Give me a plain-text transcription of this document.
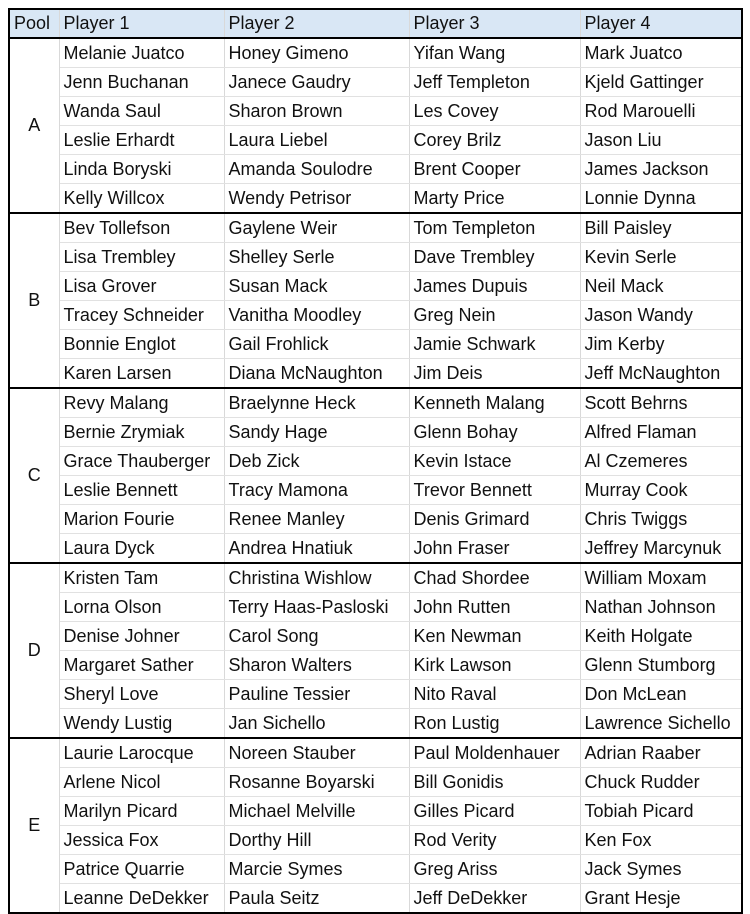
Pool	Player 1	Player 2	Player 3	Player 4
A	Melanie Juatco	Honey Gimeno	Yifan Wang	Mark Juatco
	Jenn Buchanan	Janece Gaudry	Jeff Templeton	Kjeld Gattinger
	Wanda Saul	Sharon Brown	Les Covey	Rod Marouelli
	Leslie Erhardt	Laura Liebel	Corey Brilz	Jason Liu
	Linda Boryski	Amanda Soulodre	Brent Cooper	James Jackson
	Kelly Willcox	Wendy Petrisor	Marty Price	Lonnie Dynna
B	Bev Tollefson	Gaylene Weir	Tom Templeton	Bill Paisley
	Lisa Trembley	Shelley Serle	Dave Trembley	Kevin Serle
	Lisa Grover	Susan Mack	James Dupuis	Neil Mack
	Tracey Schneider	Vanitha Moodley	Greg Nein	Jason Wandy
	Bonnie Englot	Gail Frohlick	Jamie Schwark	Jim Kerby
	Karen Larsen	Diana McNaughton	Jim Deis	Jeff McNaughton
C	Revy Malang	Braelynne Heck	Kenneth Malang	Scott Behrns
	Bernie Zrymiak	Sandy Hage	Glenn Bohay	Alfred Flaman
	Grace Thauberger	Deb Zick	Kevin Istace	Al Czemeres
	Leslie Bennett	Tracy Mamona	Trevor Bennett	Murray Cook
	Marion Fourie	Renee Manley	Denis Grimard	Chris Twiggs
	Laura Dyck	Andrea Hnatiuk	John Fraser	Jeffrey Marcynuk
D	Kristen Tam	Christina Wishlow	Chad Shordee	William Moxam
	Lorna Olson	Terry Haas-Pasloski	John Rutten	Nathan Johnson
	Denise Johner	Carol Song	Ken Newman	Keith Holgate
	Margaret Sather	Sharon Walters	Kirk Lawson	Glenn Stumborg
	Sheryl Love	Pauline Tessier	Nito Raval	Don McLean
	Wendy Lustig	Jan Sichello	Ron Lustig	Lawrence Sichello
E	Laurie Larocque	Noreen Stauber	Paul Moldenhauer	Adrian Raaber
	Arlene Nicol	Rosanne Boyarski	Bill Gonidis	Chuck Rudder
	Marilyn Picard	Michael Melville	Gilles Picard	Tobiah Picard
	Jessica Fox	Dorthy Hill	Rod Verity	Ken Fox
	Patrice Quarrie	Marcie Symes	Greg Ariss	Jack Symes
	Leanne DeDekker	Paula Seitz	Jeff DeDekker	Grant Hesje
